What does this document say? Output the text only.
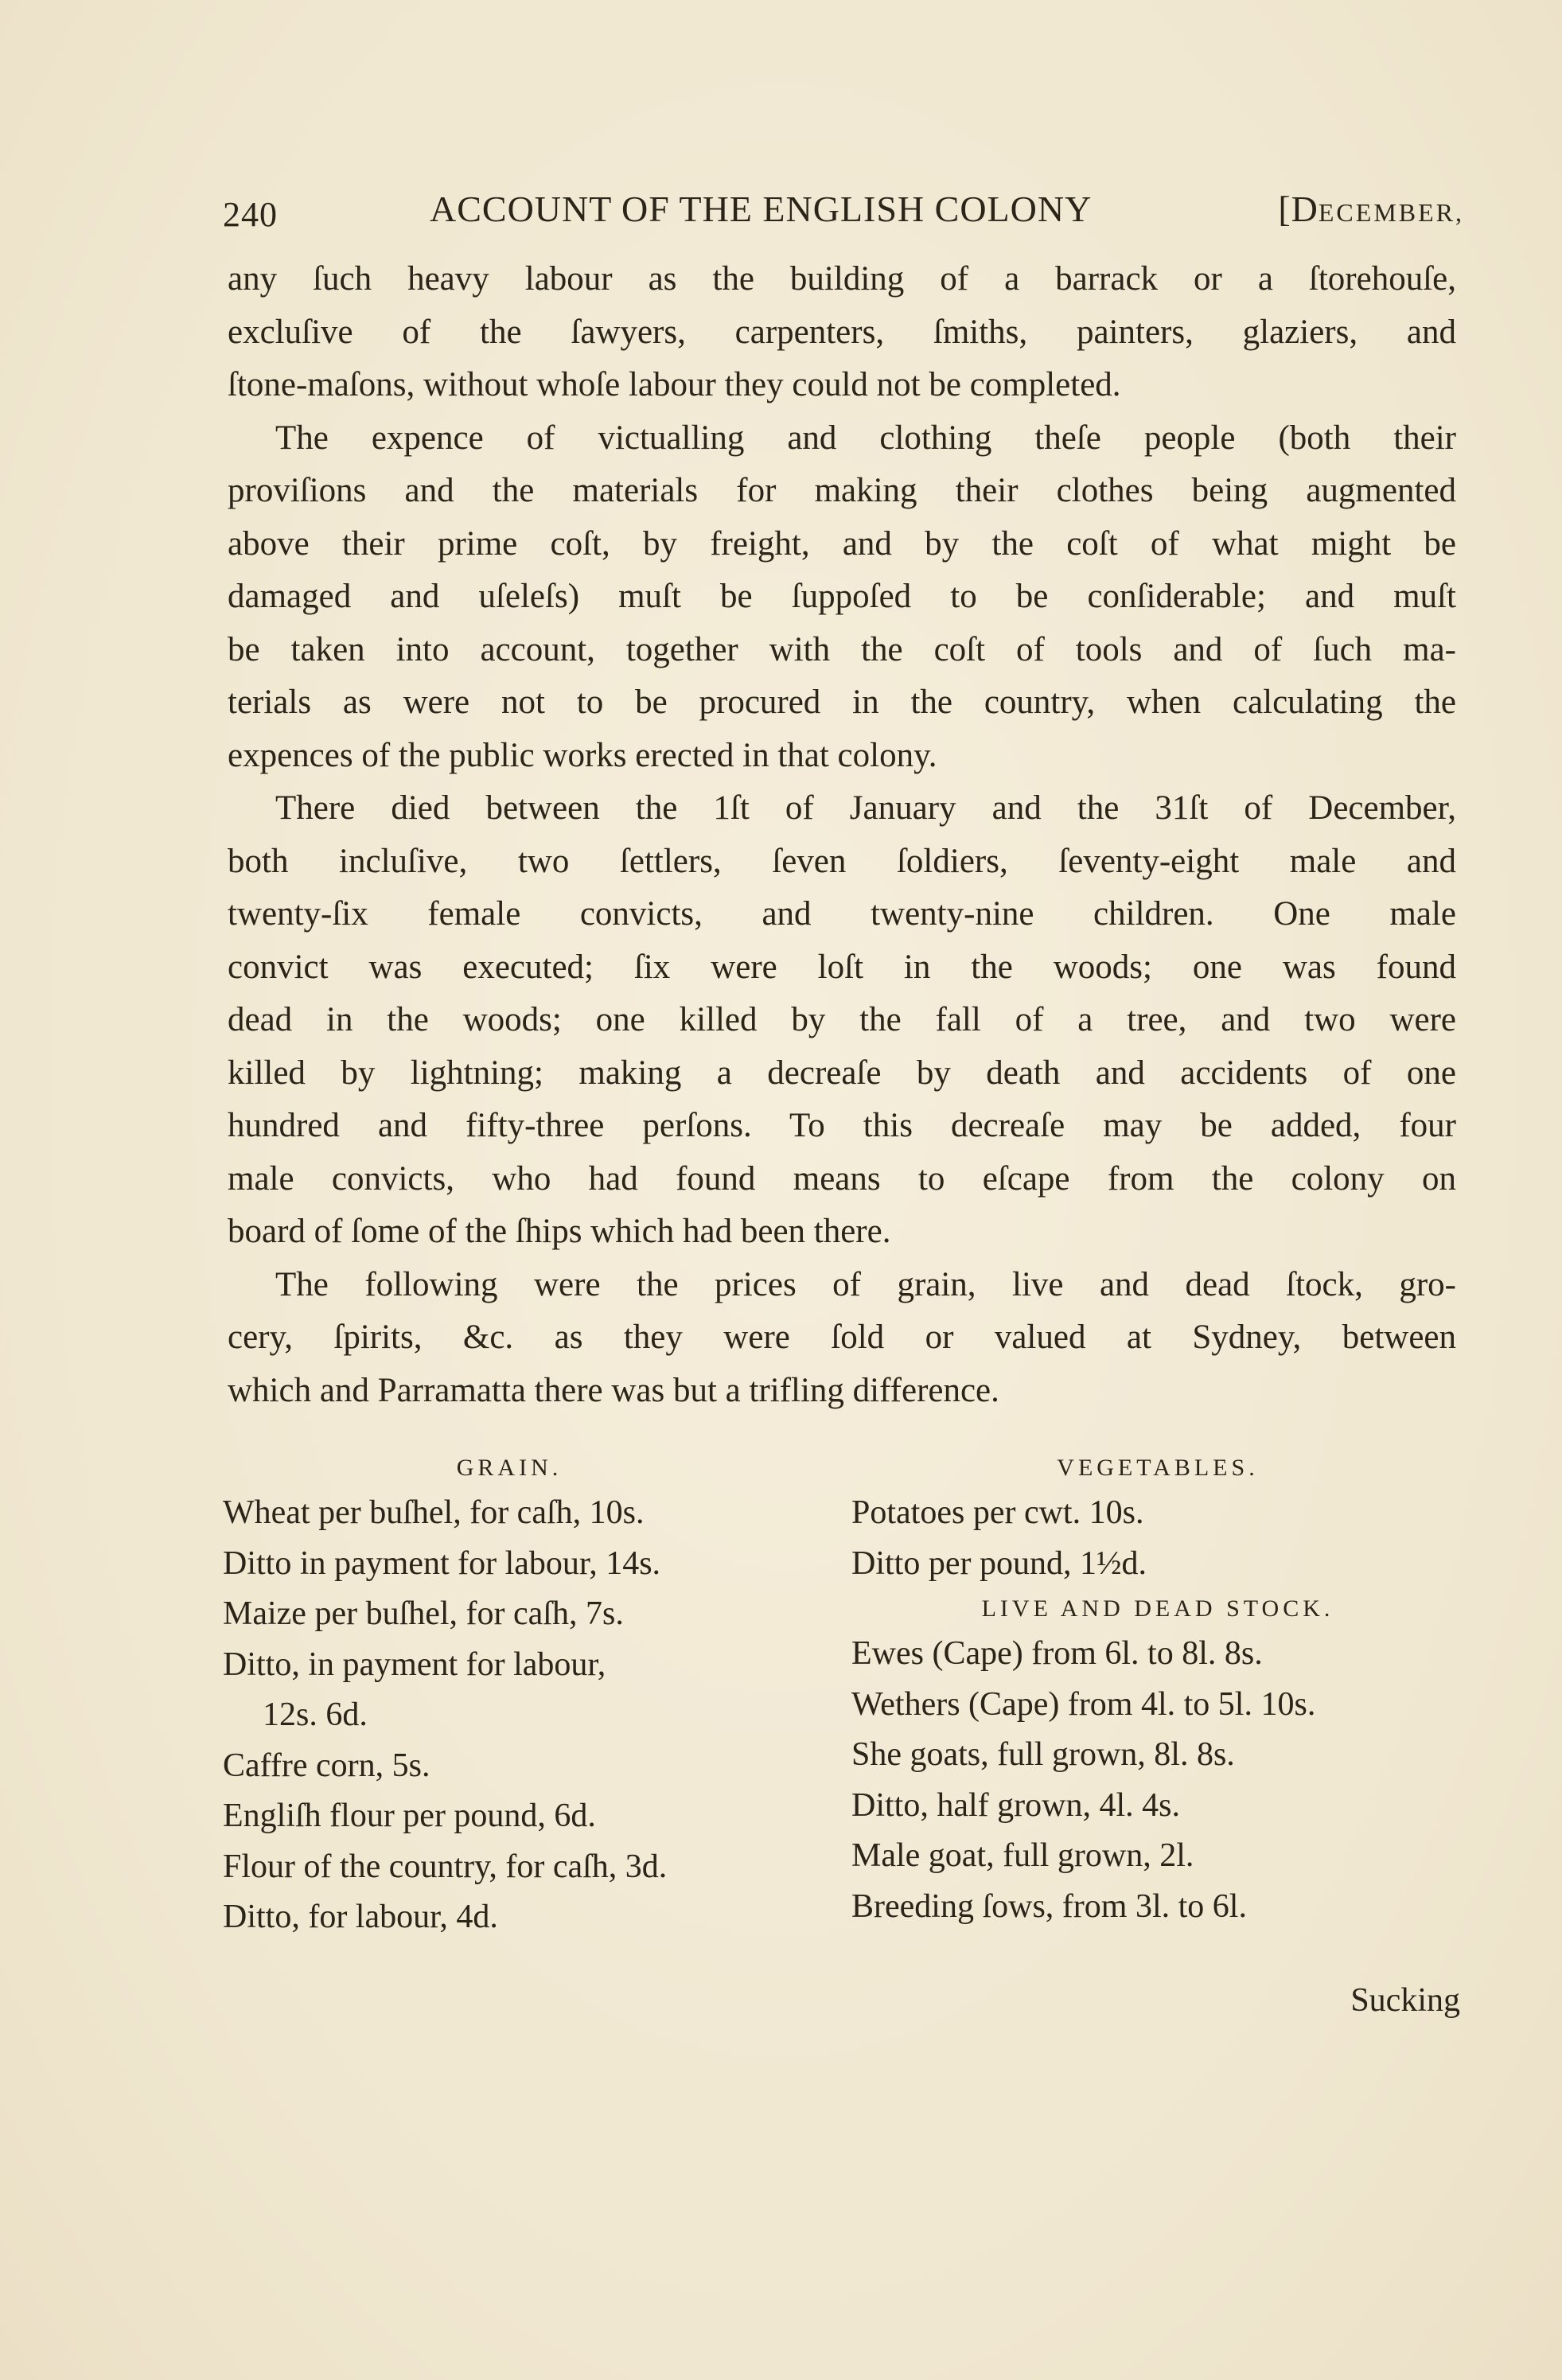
240	ACCOUNT OF THE ENGLISH COLONY	[DECEMBER,

any ſuch heavy labour as the building of a barrack or a ſtorehouſe,
excluſive of the ſawyers, carpenters, ſmiths, painters, glaziers, and
ſtone-maſons, without whoſe labour they could not be completed.

The expence of victualling and clothing theſe people (both their
proviſions and the materials for making their clothes being augmented
above their prime coſt, by freight, and by the coſt of what might be
damaged and uſeleſs) muſt be ſuppoſed to be conſiderable; and muſt
be taken into account, together with the coſt of tools and of ſuch ma-
terials as were not to be procured in the country, when calculating the
expences of the public works erected in that colony.

There died between the 1ſt of January and the 31ſt of December,
both incluſive, two ſettlers, ſeven ſoldiers, ſeventy-eight male and
twenty-ſix female convicts, and twenty-nine children. One male
convict was executed; ſix were loſt in the woods; one was found
dead in the woods; one killed by the fall of a tree, and two were
killed by lightning; making a decreaſe by death and accidents of one
hundred and fifty-three perſons. To this decreaſe may be added, four
male convicts, who had found means to eſcape from the colony on
board of ſome of the ſhips which had been there.

The following were the prices of grain, live and dead ſtock, gro-
cery, ſpirits, &c. as they were ſold or valued at Sydney, between
which and Parramatta there was but a trifling difference.

GRAIN.
Wheat per buſhel, for caſh, 10s.
Ditto in payment for labour, 14s.
Maize per buſhel, for caſh, 7s.
Ditto, in payment for labour,
12s. 6d.
Caffre corn, 5s.
Engliſh flour per pound, 6d.
Flour of the country, for caſh, 3d.
Ditto, for labour, 4d.
VEGETABLES.
Potatoes per cwt. 10s.
Ditto per pound, 1½d.
LIVE AND DEAD STOCK.
Ewes (Cape) from 6l. to 8l. 8s.
Wethers (Cape) from 4l. to 5l. 10s.
She goats, full grown, 8l. 8s.
Ditto, half grown, 4l. 4s.
Male goat, full grown, 2l.
Breeding ſows, from 3l. to 6l.
Sucking
